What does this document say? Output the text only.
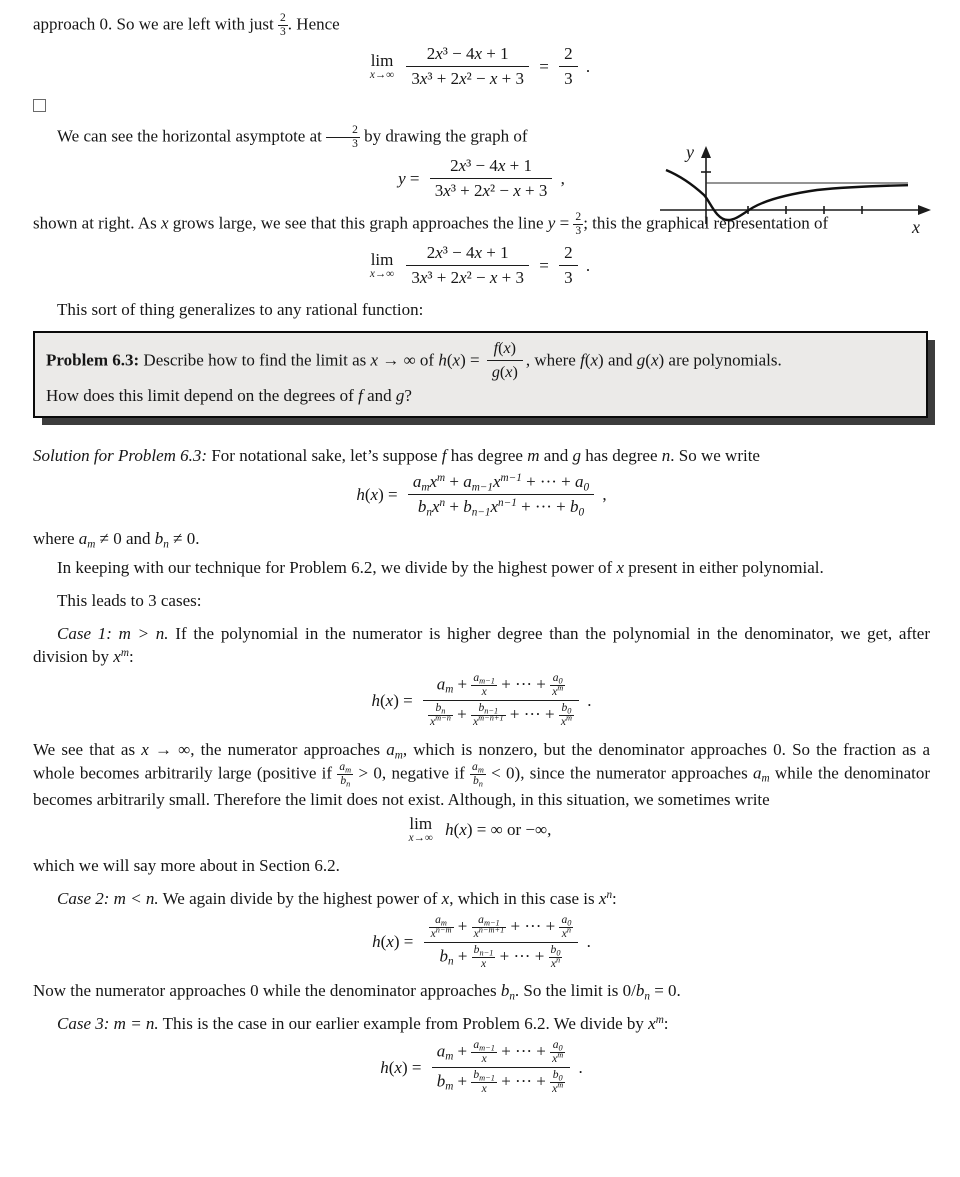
approach 0. So we are left with just $\frac{2}{3}$ . Hence
lim
x→∞
$\frac{\text{2x³ − 4x + 1}}{\text{3x³ + 2x² − x + 3}} = \frac{2}{3}$ .
y
x
We can see the horizontal asymptote at $\frac{2}{3}$ by drawing the graph of
$y = \frac{\text{2x³ − 4x + 1}}{\text{3x³ + 2x² − x + 3}}$ ,
shown at right. As x grows large, we see that this graph approaches the line $y = \frac{2}{3}$ ; this the graphical representation of
lim
x→∞
$\frac{\text{2x³ − 4x + 1}}{\text{3x³ + 2x² − x + 3}} = \frac{2}{3}$ .
This sort of thing generalizes to any rational function:
Problem 6.3: Describe how to find the limit as x → ∞ of $h(x) = \frac{f(x)}{g(x)}$ , where f(x) and g(x) are polynomials.
How does this limit depend on the degrees of f and g?
Solution for Problem 6.3: For notational sake, let’s suppose f has degree m and g has degree n. So we write
$h(x) = \frac{a_mx^m + a_{m-1}x^{m-1} + \cdot\cdot\cdot + a_0}{b_nx^n + b_{n-1}x^{n-1} + \cdot\cdot\cdot + b_0}$ ,
where $a_m \ne 0$ and $b_n \ne 0$.
In keeping with our technique for Problem 6.2, we divide by the highest power of x present in either polynomial.
This leads to 3 cases:
Case 1: m > n. If the polynomial in the numerator is higher degree than the polynomial in the denominator, we get, after division by $x^m$:
$h(x) = \frac{a_m + \frac{a_{m-1}}{x} + \cdot\cdot\cdot + \frac{a_0}{x^m}}{\frac{b_n}{x^{m-n}} + \frac{b_{n-1}}{x^{m-n+1}} + \cdot\cdot\cdot + \frac{b_0}{x^m}}$ .
We see that as x → ∞, the numerator approaches $a_m$, which is nonzero, but the denominator approaches 0. So the fraction as a whole becomes arbitrarily large (positive if $\frac{a_m}{b_n} > 0$, negative if $\frac{a_m}{b_n} < 0$), since the numerator approaches $a_m$ while the denominator becomes arbitrarily small. Therefore the limit does not exist. Although, in this situation, we sometimes write
lim
x→∞ h(x) = ∞ or −∞,
which we will say more about in Section 6.2.
Case 2: m < n. We again divide by the highest power of x, which in this case is $x^n$:
$h(x) = \frac{\frac{a_m}{x^{n-m}} + \frac{a_{m-1}}{x^{n-m+1}} + \cdot\cdot\cdot + \frac{a_0}{x^n}}{b_n + \frac{b_{n-1}}{x} + \cdot\cdot\cdot + \frac{b_0}{x^n}}$ .
Now the numerator approaches 0 while the denominator approaches $b_n$. So the limit is $0/b_n = 0$.
Case 3: m = n. This is the case in our earlier example from Problem 6.2. We divide by $x^m$:
$h(x) = \frac{a_m + \frac{a_{m-1}}{x} + \cdot\cdot\cdot + \frac{a_0}{x^m}}{b_m + \frac{b_{m-1}}{x} + \cdot\cdot\cdot + \frac{b_0}{x^m}}$ .
